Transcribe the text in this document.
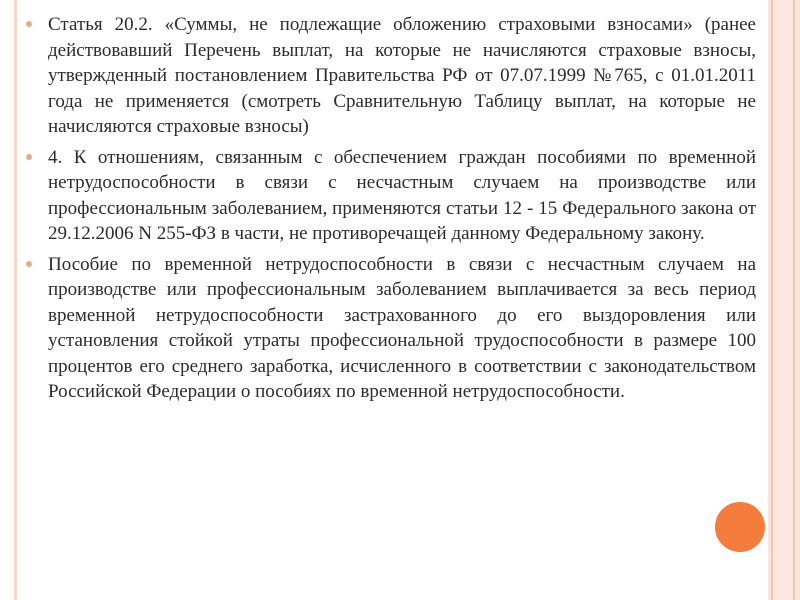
Статья 20.2. «Суммы, не подлежащие обложению страховыми взносами» (ранее действовавший Перечень выплат, на которые не начисляются страховые взносы, утвержденный постановлением Правительства РФ от 07.07.1999 №765, с 01.01.2011 года не применяется (смотреть Сравнительную Таблицу выплат, на которые не начисляются страховые взносы)
4. К отношениям, связанным с обеспечением граждан пособиями по временной нетрудоспособности в связи с несчастным случаем на производстве или профессиональным заболеванием, применяются статьи 12 - 15 Федерального закона от 29.12.2006 N 255-ФЗ в части, не противоречащей данному Федеральному закону.
Пособие по временной нетрудоспособности в связи с несчастным случаем на производстве или профессиональным заболеванием выплачивается за весь период временной нетрудоспособности застрахованного до его выздоровления или установления стойкой утраты профессиональной трудоспособности в размере 100 процентов его среднего заработка, исчисленного в соответствии с законодательством Российской Федерации о пособиях по временной нетрудоспособности.
